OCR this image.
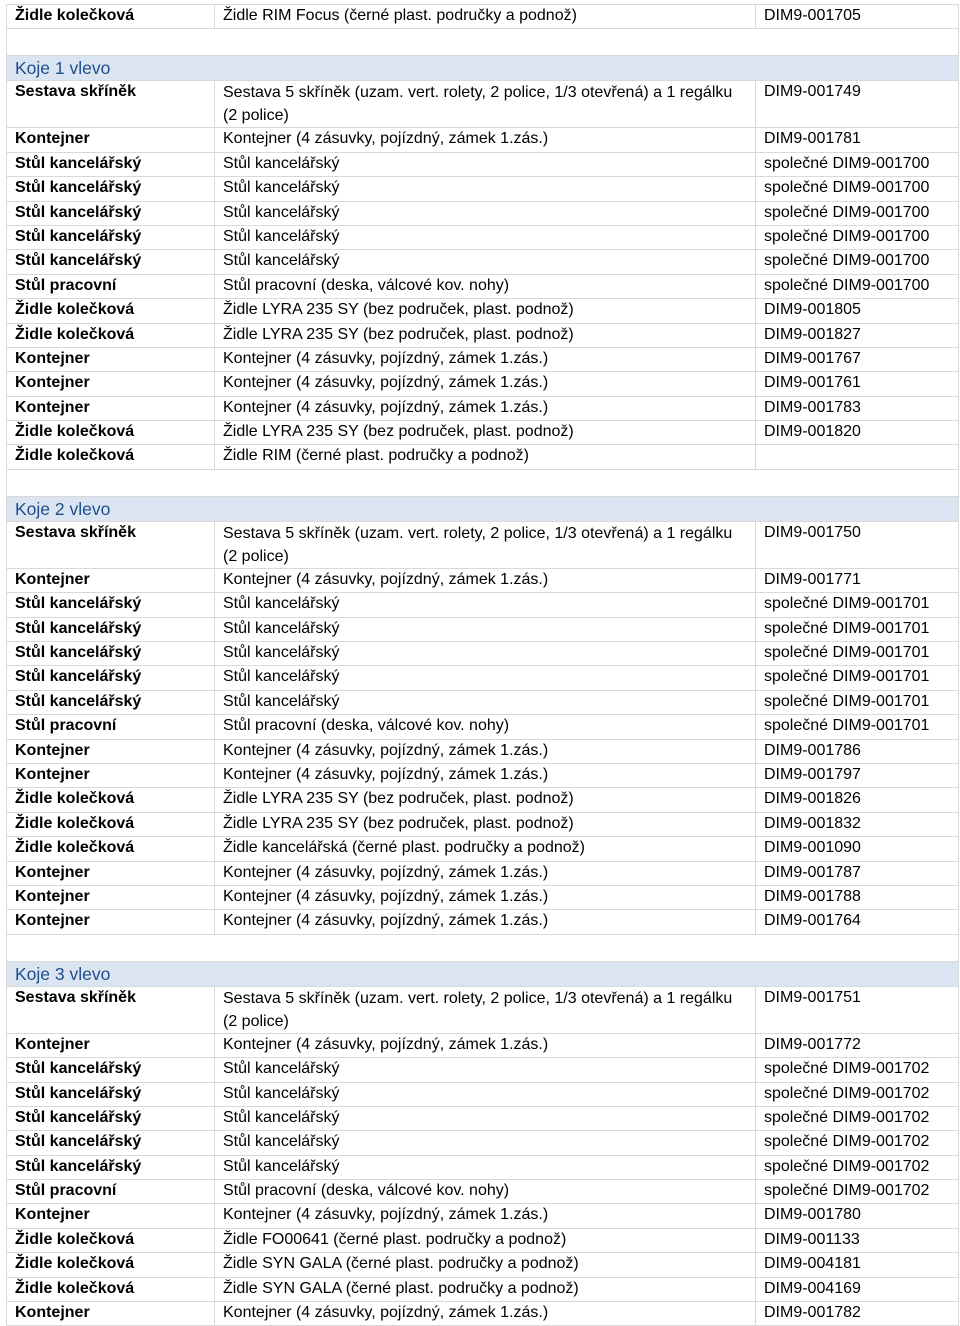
Židle kolečková	Židle RIM Focus (černé plast. područky a podnož)	DIM9-001705

Koje 1 vlevo		
Sestava skříněk	Sestava 5 skříněk (uzam. vert. rolety, 2 police, 1/3 otevřená) a 1 regálku (2 police)	DIM9-001749
Kontejner	Kontejner (4 zásuvky, pojízdný, zámek 1.zás.)	DIM9-001781
Stůl kancelářský	Stůl kancelářský	společné DIM9-001700
Stůl kancelářský	Stůl kancelářský	společné DIM9-001700
Stůl kancelářský	Stůl kancelářský	společné DIM9-001700
Stůl kancelářský	Stůl kancelářský	společné DIM9-001700
Stůl kancelářský	Stůl kancelářský	společné DIM9-001700
Stůl pracovní	Stůl pracovní (deska, válcové kov. nohy)	společné DIM9-001700
Židle kolečková	Židle LYRA 235 SY (bez područek, plast. podnož)	DIM9-001805
Židle kolečková	Židle LYRA 235 SY (bez područek, plast. podnož)	DIM9-001827
Kontejner	Kontejner (4 zásuvky, pojízdný, zámek 1.zás.)	DIM9-001767
Kontejner	Kontejner (4 zásuvky, pojízdný, zámek 1.zás.)	DIM9-001761
Kontejner	Kontejner (4 zásuvky, pojízdný, zámek 1.zás.)	DIM9-001783
Židle kolečková	Židle LYRA 235 SY (bez područek, plast. podnož)	DIM9-001820
Židle kolečková	Židle RIM (černé plast. područky a podnož)	

Koje 2 vlevo		
Sestava skříněk	Sestava 5 skříněk (uzam. vert. rolety, 2 police, 1/3 otevřená) a 1 regálku (2 police)	DIM9-001750
Kontejner	Kontejner (4 zásuvky, pojízdný, zámek 1.zás.)	DIM9-001771
Stůl kancelářský	Stůl kancelářský	společné DIM9-001701
Stůl kancelářský	Stůl kancelářský	společné DIM9-001701
Stůl kancelářský	Stůl kancelářský	společné DIM9-001701
Stůl kancelářský	Stůl kancelářský	společné DIM9-001701
Stůl kancelářský	Stůl kancelářský	společné DIM9-001701
Stůl pracovní	Stůl pracovní (deska, válcové kov. nohy)	společné DIM9-001701
Kontejner	Kontejner (4 zásuvky, pojízdný, zámek 1.zás.)	DIM9-001786
Kontejner	Kontejner (4 zásuvky, pojízdný, zámek 1.zás.)	DIM9-001797
Židle kolečková	Židle LYRA 235 SY (bez područek, plast. podnož)	DIM9-001826
Židle kolečková	Židle LYRA 235 SY (bez područek, plast. podnož)	DIM9-001832
Židle kolečková	Židle kancelářská (černé plast. područky a podnož)	DIM9-001090
Kontejner	Kontejner (4 zásuvky, pojízdný, zámek 1.zás.)	DIM9-001787
Kontejner	Kontejner (4 zásuvky, pojízdný, zámek 1.zás.)	DIM9-001788
Kontejner	Kontejner (4 zásuvky, pojízdný, zámek 1.zás.)	DIM9-001764

Koje 3 vlevo		
Sestava skříněk	Sestava 5 skříněk (uzam. vert. rolety, 2 police, 1/3 otevřená) a 1 regálku (2 police)	DIM9-001751
Kontejner	Kontejner (4 zásuvky, pojízdný, zámek 1.zás.)	DIM9-001772
Stůl kancelářský	Stůl kancelářský	společné DIM9-001702
Stůl kancelářský	Stůl kancelářský	společné DIM9-001702
Stůl kancelářský	Stůl kancelářský	společné DIM9-001702
Stůl kancelářský	Stůl kancelářský	společné DIM9-001702
Stůl kancelářský	Stůl kancelářský	společné DIM9-001702
Stůl pracovní	Stůl pracovní (deska, válcové kov. nohy)	společné DIM9-001702
Kontejner	Kontejner (4 zásuvky, pojízdný, zámek 1.zás.)	DIM9-001780
Židle kolečková	Židle FO00641 (černé plast. područky a podnož)	DIM9-001133
Židle kolečková	Židle SYN GALA (černé plast. područky a podnož)	DIM9-004181
Židle kolečková	Židle SYN GALA (černé plast. područky a podnož)	DIM9-004169
Kontejner	Kontejner (4 zásuvky, pojízdný, zámek 1.zás.)	DIM9-001782
